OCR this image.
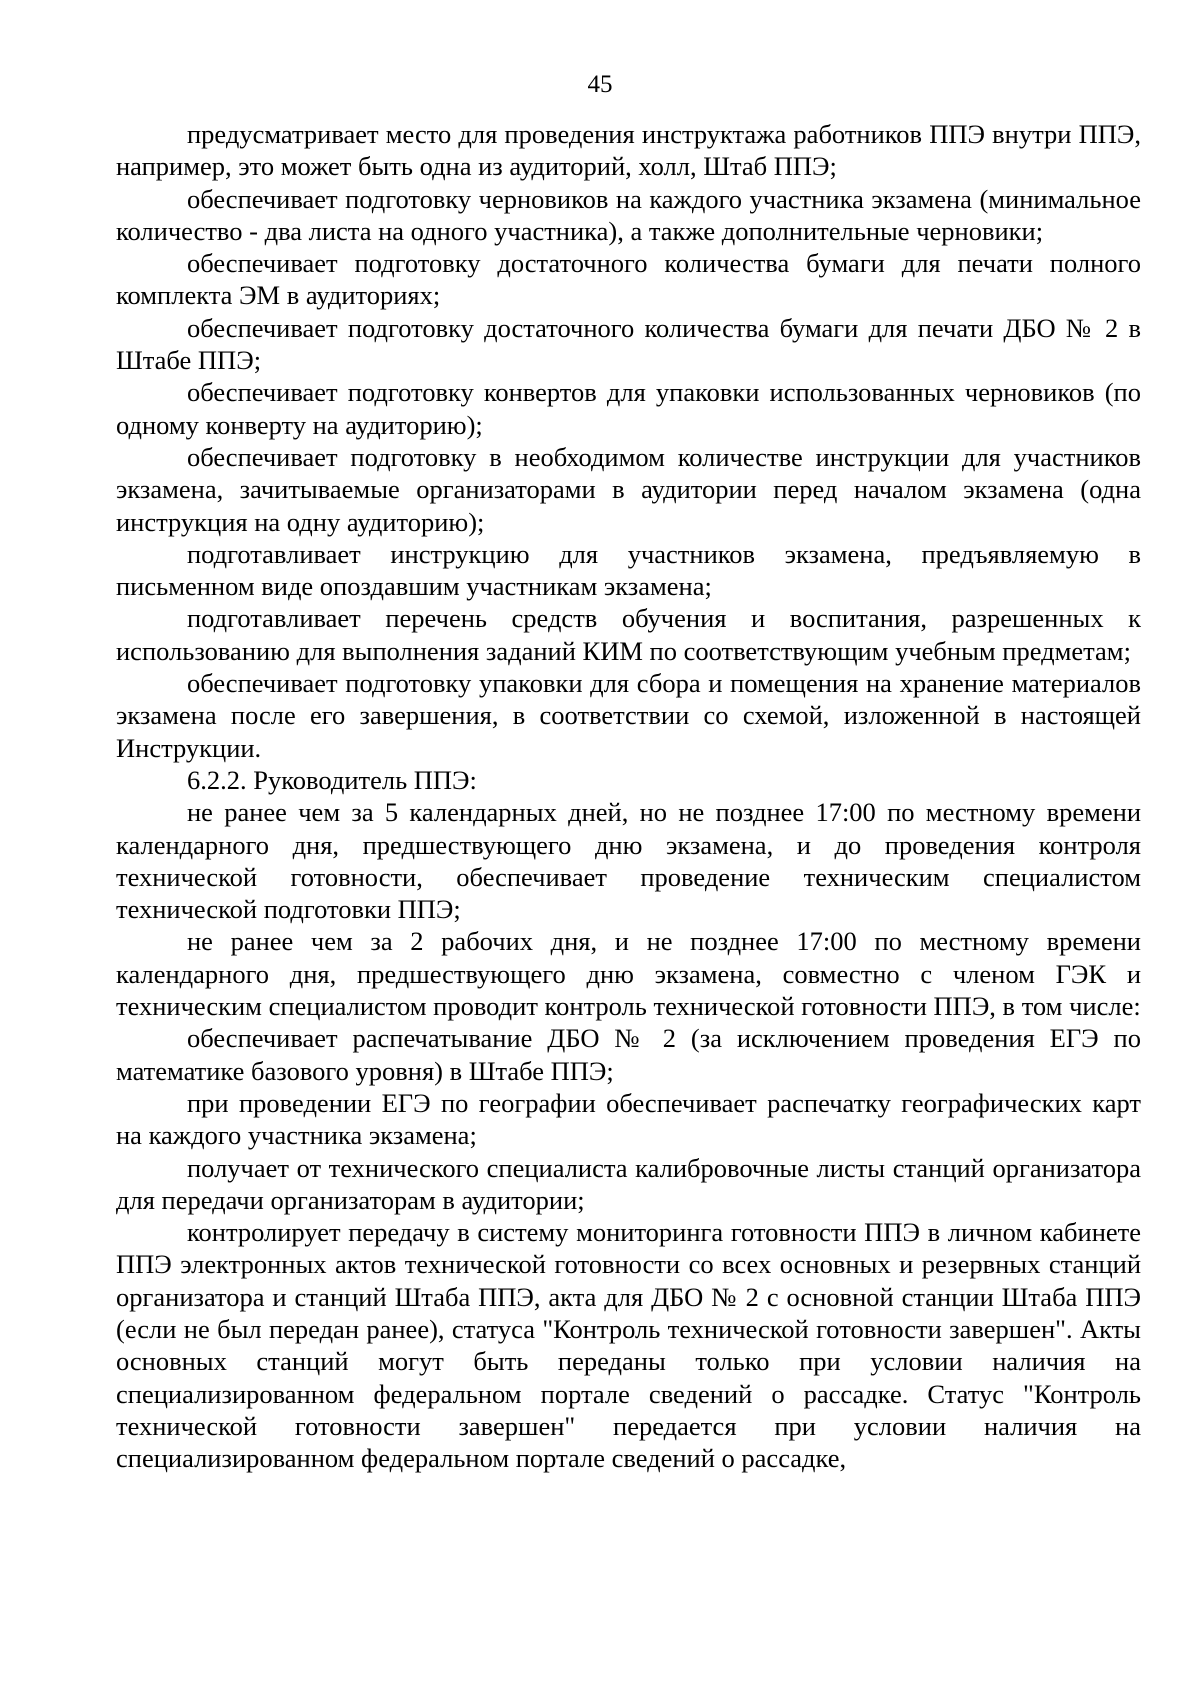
45

предусматривает место для проведения инструктажа работников ППЭ внутри ППЭ, например, это может быть одна из аудиторий, холл, Штаб ППЭ;

обеспечивает подготовку черновиков на каждого участника экзамена (минимальное количество - два листа на одного участника), а также дополнительные черновики;

обеспечивает подготовку достаточного количества бумаги для печати полного комплекта ЭМ в аудиториях;

обеспечивает подготовку достаточного количества бумаги для печати ДБО № 2 в Штабе ППЭ;

обеспечивает подготовку конвертов для упаковки использованных черновиков (по одному конверту на аудиторию);

обеспечивает подготовку в необходимом количестве инструкции для участников экзамена, зачитываемые организаторами в аудитории перед началом экзамена (одна инструкция на одну аудиторию);

подготавливает инструкцию для участников экзамена, предъявляемую в письменном виде опоздавшим участникам экзамена;

подготавливает перечень средств обучения и воспитания, разрешенных к использованию для выполнения заданий КИМ по соответствующим учебным предметам;

обеспечивает подготовку упаковки для сбора и помещения на хранение материалов экзамена после его завершения, в соответствии со схемой, изложенной в настоящей Инструкции.

6.2.2. Руководитель ППЭ:

не ранее чем за 5 календарных дней, но не позднее 17:00 по местному времени календарного дня, предшествующего дню экзамена, и до проведения контроля технической готовности, обеспечивает проведение техническим специалистом технической подготовки ППЭ;

не ранее чем за 2 рабочих дня, и не позднее 17:00 по местному времени календарного дня, предшествующего дню экзамена, совместно с членом ГЭК и техническим специалистом проводит контроль технической готовности ППЭ, в том числе:

обеспечивает распечатывание ДБО № 2 (за исключением проведения ЕГЭ по математике базового уровня) в Штабе ППЭ;

при проведении ЕГЭ по географии обеспечивает распечатку географических карт на каждого участника экзамена;

получает от технического специалиста калибровочные листы станций организатора для передачи организаторам в аудитории;

контролирует передачу в систему мониторинга готовности ППЭ в личном кабинете ППЭ электронных актов технической готовности со всех основных и резервных станций организатора и станций Штаба ППЭ, акта для ДБО № 2 с основной станции Штаба ППЭ (если не был передан ранее), статуса "Контроль технической готовности завершен". Акты основных станций могут быть переданы только при условии наличия на специализированном федеральном портале сведений о рассадке. Статус "Контроль технической готовности завершен" передается при условии наличия на специализированном федеральном портале сведений о рассадке,
